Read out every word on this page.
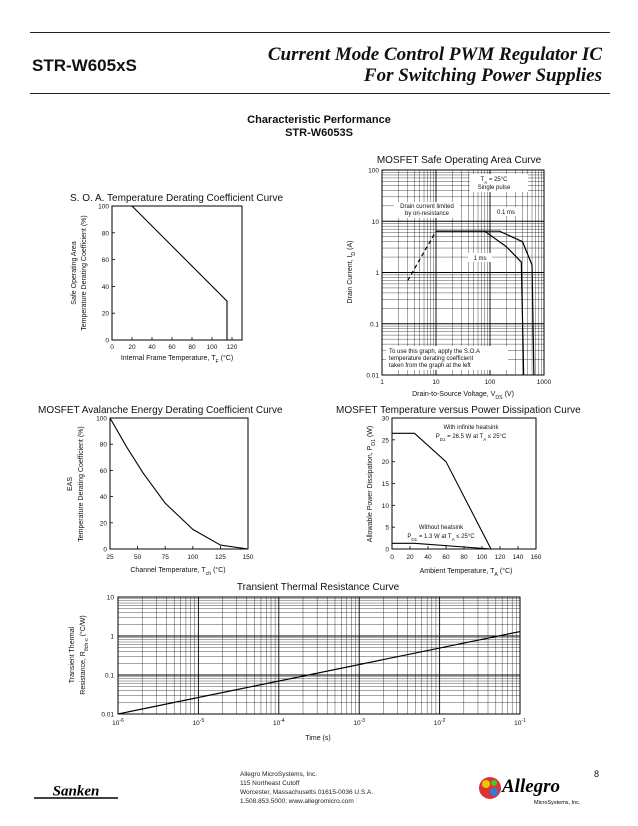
STR-W605xS
Current Mode Control PWM Regulator IC
For Switching Power Supplies
Characteristic Performance
STR-W6053S
S. O. A. Temperature Derating Coefficient Curve
0 20 40 60 80 100 120
0
20
40
60
80
100
Internal Frame Temperature, $T_F$ (°C)
Safe Operating Area Temperature Derating Coefficient (%)
MOSFET Safe Operating Area Curve
1	10	100	1000
0.01
0.1
1
10
100
$T_A = 25^\circ C$
Single pulse
Drain current limited
by on-resistance	0.1 ms
1 ms
To use this graph, apply the S.O.A
temperature derating coefficient
taken from the graph at the left
Drain-to-Source Voltage, $V_{DS}$ (V)
Drain Current, $I_D$ (A)
MOSFET Avalanche Energy Derating Coefficient Curve
25	50	75	100	125	150
0
20
40
60
80
100
Channel Temperature, $T_{ch}$ (°C)
EAS Temperature Derating Coefficient (%)
MOSFET Temperature versus Power Dissipation Curve
0 20 40 60 80 100 120 140 160
0
5
10
15
20
25
30
With infinite heatsink
$P_{D1} = 26.5$ W at $T_A \le 25^\circ C$
Without heatsink
$P_{D1} = 1.3$ W at $T_A \le 25^\circ C$
Ambient Temperature, $T_A$ (°C)
Allowable Power Dissipation, $P_{D1}$ (W)
Transient Thermal Resistance Curve
$10^{-6}$	$10^{-5}$	$10^{-4}$	$10^{-3}$	$10^{-2}$	$10^{-1}$
0.01
0.1
1
10
Time (s)
Transient Thermal Resistance, $R_{\theta ch-c}$ (°C/W)
Allegro MicroSystems, Inc.
115 Northeast Cutoff
Worcester, Massachusetts 01615-0036 U.S.A.
1.508.853.5000; www.allegromicro.com
8
Sanken	Allegro
MicroSystems, Inc.
